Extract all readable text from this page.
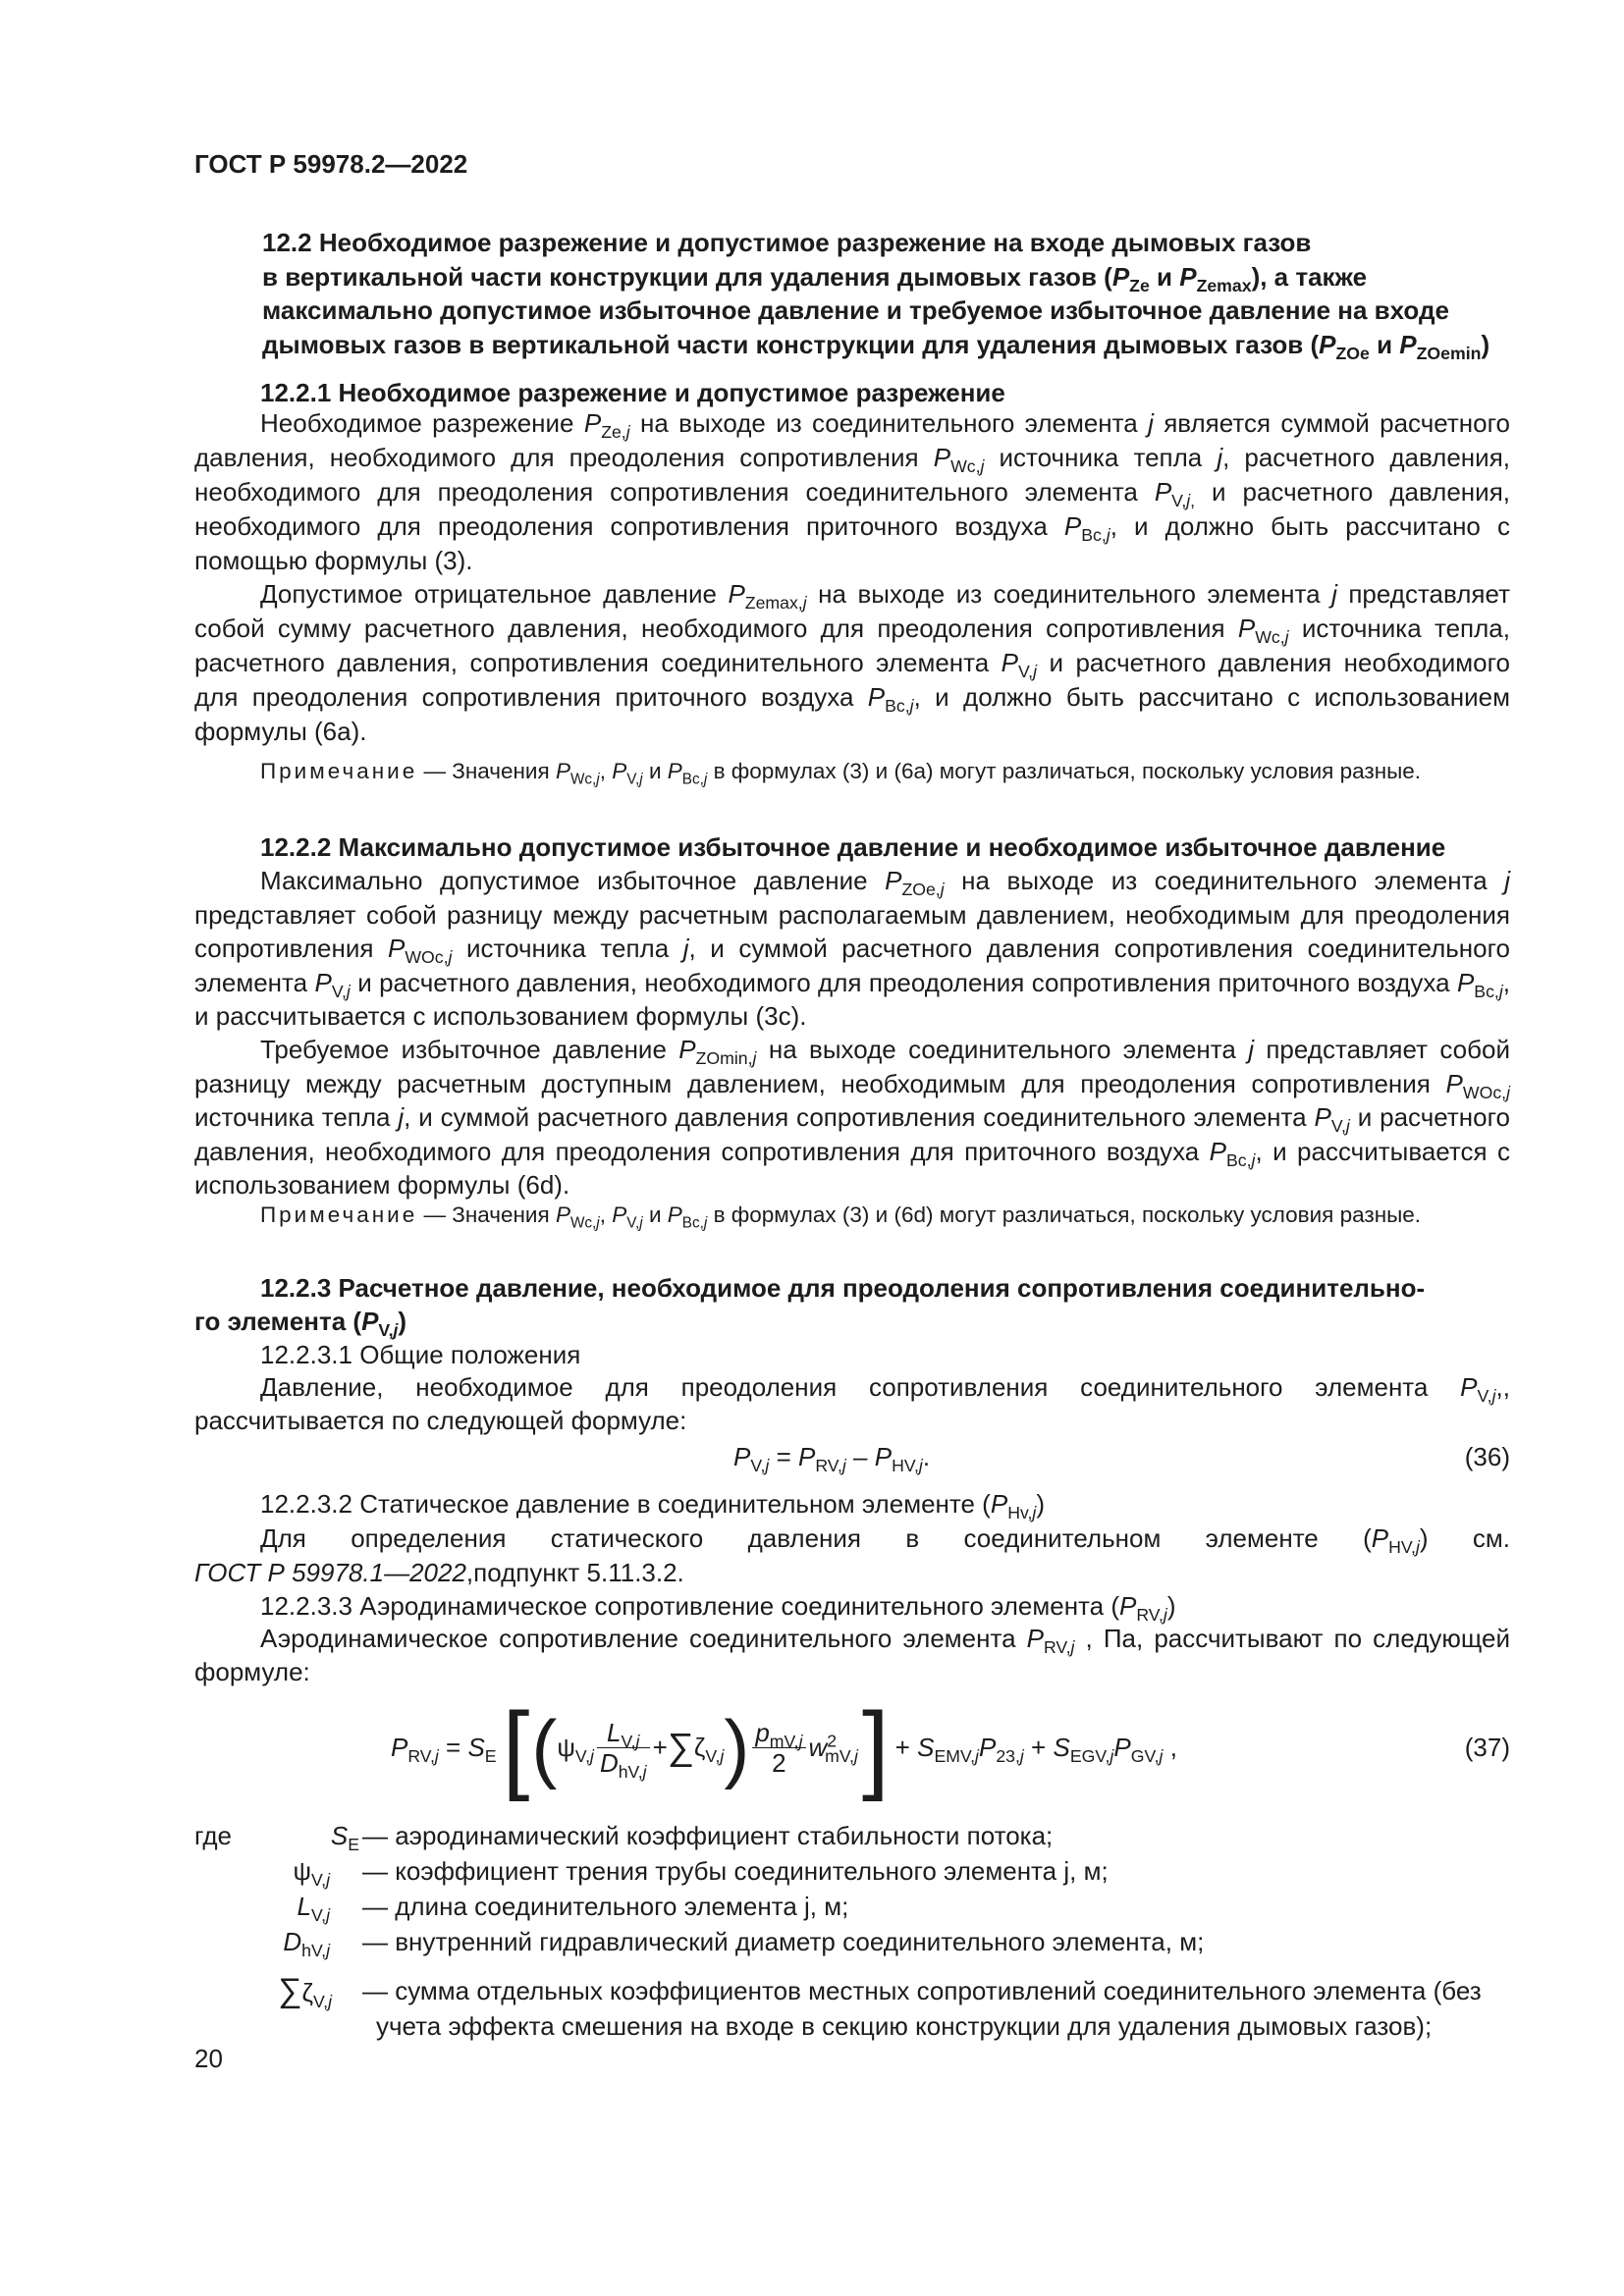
ГОСТ Р 59978.2—2022

12.2 Необходимое разрежение и допустимое разрежение на входе дымовых газов
в вертикальной части конструкции для удаления дымовых газов ($P_{Ze}$ и $P_{Zemax}$), а также
максимально допустимое избыточное давление и требуемое избыточное давление на входе
дымовых газов в вертикальной части конструкции для удаления дымовых газов ($P_{ZOe}$ и $P_{ZOemin}$)

12.2.1 Необходимое разрежение и допустимое разрежение

Необходимое разрежение $P_{Ze,j}$ на выходе из соединительного элемента j является суммой расчетного давления, необходимого для преодоления сопротивления $P_{Wc,j}$ источника тепла j, расчетного давления, необходимого для преодоления сопротивления соединительного элемента $P_{V,j,}$ и расчетного давления, необходимого для преодоления сопротивления приточного воздуха $P_{Bc,j}$, и должно быть рассчитано с помощью формулы (3).

Допустимое отрицательное давление $P_{Zemax,j}$ на выходе из соединительного элемента j представляет собой сумму расчетного давления, необходимого для преодоления сопротивления $P_{Wc,j}$ источника тепла, расчетного давления, сопротивления соединительного элемента $P_{V,j}$ и расчетного давления необходимого для преодоления сопротивления приточного воздуха $P_{Bc,j}$, и должно быть рассчитано с использованием формулы (6а).

Примечание — Значения $P_{Wc,j}$, $P_{V,j}$ и $P_{Bc,j}$ в формулах (3) и (6а) могут различаться, поскольку условия разные.

12.2.2 Максимально допустимое избыточное давление и необходимое избыточное давление

Максимально допустимое избыточное давление $P_{ZOe,j}$ на выходе из соединительного элемента j представляет собой разницу между расчетным располагаемым давлением, необходимым для преодоления сопротивления $P_{WOc,j}$ источника тепла j, и суммой расчетного давления сопротивления соединительного элемента $P_{V,j}$ и расчетного давления, необходимого для преодоления сопротивления приточного воздуха $P_{Bc,j}$, и рассчитывается с использованием формулы (3с).

Требуемое избыточное давление $P_{ZOmin,j}$ на выходе соединительного элемента j представляет собой разницу между расчетным доступным давлением, необходимым для преодоления сопротивления $P_{WOc,j}$ источника тепла j, и суммой расчетного давления сопротивления соединительного элемента $P_{V,j}$ и расчетного давления, необходимого для преодоления сопротивления для приточного воздуха $P_{Bc,j}$, и рассчитывается с использованием формулы (6d).

Примечание — Значения $P_{Wc,j}$, $P_{V,j}$ и $P_{Bc,j}$ в формулах (3) и (6d) могут различаться, поскольку условия разные.

12.2.3 Расчетное давление, необходимое для преодоления сопротивления соединительно-
го элемента $(P_{V,j})$

12.2.3.1 Общие положения

Давление, необходимое для преодоления сопротивления соединительного элемента $P_{V,j}$,, рассчитывается по следующей формуле:

$P_{V,j} = P_{RV,j} - P_{HV,j}$.	(36)

12.2.3.2 Статическое давление в соединительном элементе $(P_{Hv,j})$

Для определения статического давления в соединительном элементе $(P_{HV,j})$ см.

ГОСТ Р 59978.1—2022,подпункт 5.11.3.2.

12.2.3.3 Аэродинамическое сопротивление соединительного элемента $(P_{RV,j})$

Аэродинамическое сопротивление соединительного элемента $P_{RV,j}$ , Па, рассчитывают по следующей формуле:

$P_{RV,j} = S_E$ [ ( $\psi_{V,j} \frac{L_{V,j}}{D_{hV,j}}$ + ∑ $\zeta_{V,j}$ ) $\frac{p_{mV,j}}{2} w^2_{mV,j}$ ] + $S_{EMV,j}P_{23,j} + S_{EGV,j}P_{GV,j}$ ,	(37)
где	$S_E$ — аэродинамический коэффициент стабильности потока;
$\psi_{V,j}$ — коэффициент трения трубы соединительного элемента j, м;
$L_{V,j}$ — длина соединительного элемента j, м;
$D_{hV,j}$ — внутренний гидравлический диаметр соединительного элемента, м;
$\sum\zeta_{V,j}$ — сумма отдельных коэффициентов местных сопротивлений соединительного элемента (без
учета эффекта смешения на входе в секцию конструкции для удаления дымовых газов);

20
